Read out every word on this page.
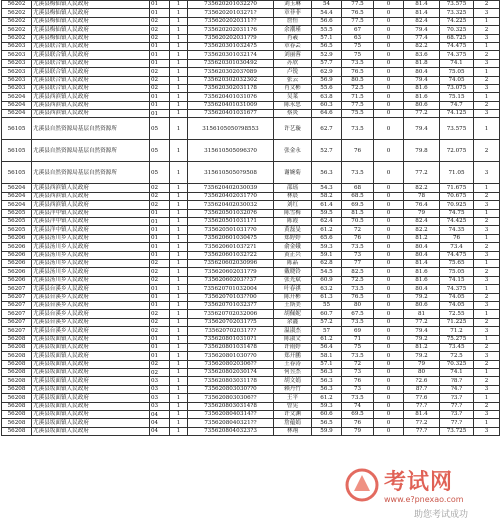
56202	尤溪县梅仙镇人民政府	01	1	7356202010322?0	刘玉琳	54	77.5	0	81.4	73.575	2
56202	尤溪县梅仙镇人民政府	01	1	735620201032?1?	章菲菲	54.4	76.5	0	81.4	73.325	3
56202	尤溪县梅仙镇人民政府	02	1	7356202020311??	詹恒	56.6	77.5	0	82.4	74.225	1
56202	尤溪县梅仙镇人民政府	02	1	7356202020311?6	余潮瑾	55.5	67	0	79.4	70.325	2
56202	尤溪县梅仙镇人民政府	02	1	735620202031??9	肖羲	57.1	63	0	77.4	68.725	3
56203	尤溪县联合镇人民政府	01	1	7356203010324?5	章春芸	56.5	75	0	82.2	74.475	1
56203	尤溪县联合镇人民政府	01	1	7356203010321?4	刘丽蓉	52.9	75	0	83.6	74.375	2
56203	尤溪县联合镇人民政府	01	1	735620301030492	苏欣	57.7	73.5	0	81.8	74.1	3
56203	尤溪县联合镇人民政府	02	1	73562030203?089	卢锐	62.9	76.5	0	80.4	75.05	1
56203	尤溪县联合镇人民政府	02	1	735620302032302	张云	56.9	80.5	0	79.4	74.05	2
56203	尤溪县联合镇人民政府	02	1	7356203020311?8	肖文彬	55.6	72.5	0	81.6	73.075	3
56204	尤溪县西滨镇人民政府	01	1	7356204010310?6	吴莱	63.8	71.5	0	81.6	75.15	1
56204	尤溪县西滨镇人民政府	01	1	735620401031009	陈永忠	60.3	77.5	0	80.6	74.7	2
56204	尤溪县西滨镇人民政府	01	1	7356204010316?7	蔡炎	64.6	75.5	0	77.2	74.125	3
56105	尤溪县自然资源局基层自然资源所	05	1	3156105050?98553	许艺璇	62.7	73.5	0	79.4	73.575	1
56105	尤溪县自然资源局基层自然资源所	05	1	3156105050963?0	张金永	52.7	76	0	79.8	72.075	2
56105	尤溪县自然资源局基层自然资源所	05	1	3156105050?9508	谢婉菊	56.3	73.5	0	77.2	71.05	3
56204	尤溪县西滨镇人民政府	02	1	735620402030039	邵瑶	54.3	68	0	82.2	71.675	1
56204	尤溪县西滨镇人民政府	02	1	7356204020317?0	林晨	58.2	68.5	0	78	70.675	2
56204	尤溪县西滨镇人民政府	02	1	735620402030032	刘红	61.4	69.5	0	76.4	70.925	3
56205	尤溪县洋中镇人民政府	01	1	7356205010320?6	陈雪梅	59.5	81.5	0	79	74.75	1
56205	尤溪县洋中镇人民政府	01	1	7356205010311?1	陈霞	62.4	70.5	0	82.4	74.425	2
56205	尤溪县洋中镇人民政府	01	1	735620501031??0	黄磊旻	61.2	72	0	82.2	74.35	3
56206	尤溪县汤川乡人民政府	01	1	7356206010304?5	郑婷婷	65.6	76	0	81.2	76	1
56206	尤溪县汤川乡人民政府	01	1	73562060103?2?1	俞金娥	59.3	73.5	0	80.4	73.4	2
56206	尤溪县汤川乡人民政府	01	1	735620601032?22	黄正兴	59.1	73	0	80.4	74.475	3
56206	尤溪县汤川乡人民政府	02	1	735620602030996	陈晶	62.8	77	0	81.4	75.65	1
56206	尤溪县汤川乡人民政府	02	1	735620602031??9	戴晓铃	54.5	82.5	0	81.6	75.05	2
56206	尤溪县汤川乡人民政府	02	1	73562060203??37	张光斌	60.9	72.5	0	81.6	74.15	3
56207	尤溪县台溪乡人民政府	01	1	735620701032004	叶春祺	63.2	73.5	0	80.4	74.375	1
56207	尤溪县台溪乡人民政府	01	1	73562070103??00	陈开彬	61.3	76.5	0	79.2	74.05	2
56207	尤溪县台溪乡人民政府	01	1	7356207010323?7	王斯美	55	80	0	80.6	74.05	3
56207	尤溪县台溪乡人民政府	02	1	735620702032006	胡佩妮	60.7	67.5	0	81	72.55	1
56207	尤溪县台溪乡人民政府	02	1	735620702031??5	余鑫	57.2	73.5	0	77.2	71.225	2
56207	尤溪县台溪乡人民政府	02	1	735620702031???	温淑杰	57	69	0	79.4	71.2	3
56208	尤溪县坂面镇人民政府	01	1	7356208010310?1	陈淑文	61.2	71	0	79.2	75.275	1
56208	尤溪县坂面镇人民政府	01	1	7356208010314?8	许雨婷	56.4	75	0	81.2	73.45	2
56208	尤溪县坂面镇人民政府	01	1	735620801030??0	郑开鹏	58.1	73.5	0	79.2	72.5	3
56208	尤溪县坂面镇人民政府	02	1	7356208020306??	王春涛	57.1	72	0	79	70.325	2
56208	尤溪县坂面镇人民政府	02	1	7356208020301?4	何昱杰	56.3	73	0	80	74.1	1
56208	尤溪县坂面镇人民政府	03	1	7356208030311?8	胡文娟	56.3	76	0	?2.6	?8.?	2
56208	尤溪县坂面镇人民政府	03	1	735620803030??0	赖丹竹	56.3	73	0	8?.?	?4.?	3
56208	尤溪县坂面镇人民政府	03	1	7356208030306??	王平	61.2	73.5	0	7?.6	?3.?	1
56208	尤溪县坂面镇人民政府	03	1	7356208030314?8	曾宪	59.3	74	0	7?.?	7?.?	2
56208	尤溪县坂面镇人民政府	04	1	7356208040314??	许文渊	60.6	69.5	0	81.4	?3.?	3
56208	尤溪县坂面镇人民政府	04	1	7356208040321??	詹蕴娟	56.5	76	0	7?.2	7?.?	1
56208	尤溪县坂面镇人民政府	04	1	7356208040323?3	林翊	59.9	79	0	7?.?	73.725	3
考试网
www.e?pnexao.com
助您考试成功
